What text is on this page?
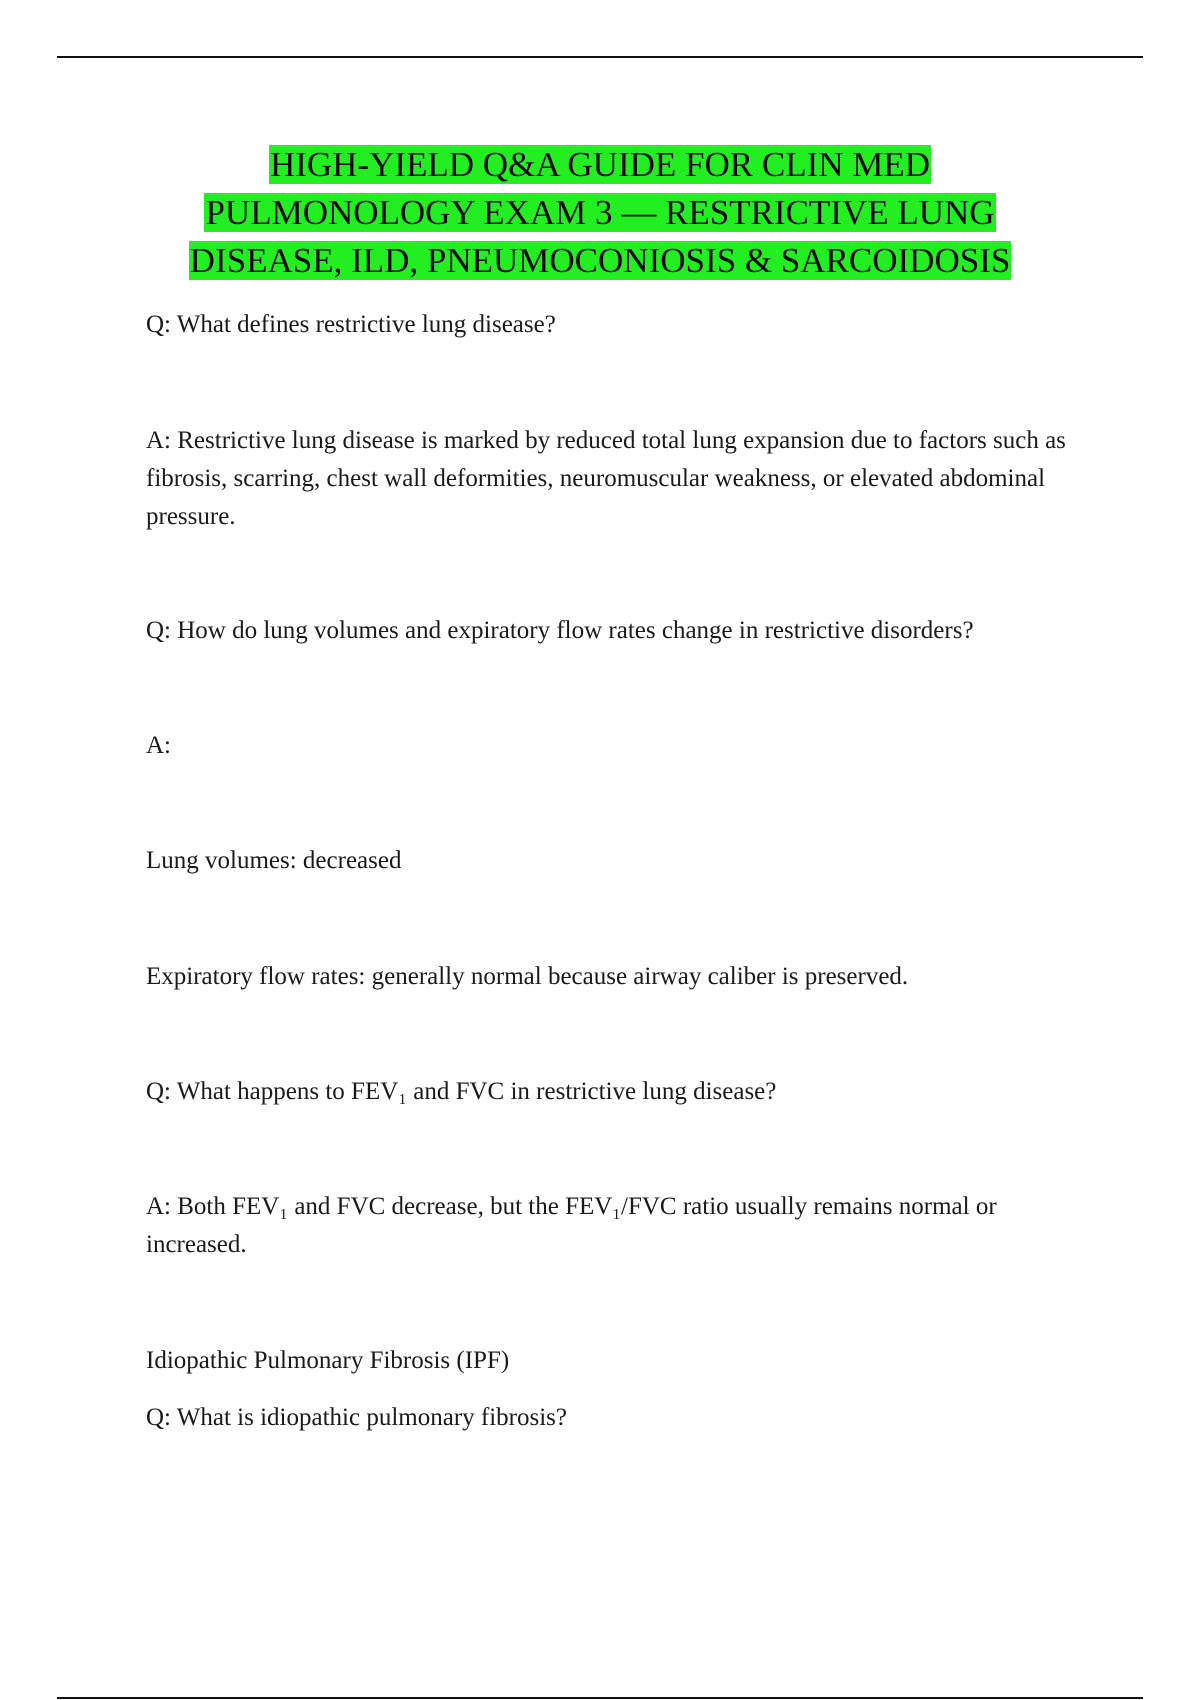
HIGH-YIELD Q&A GUIDE FOR CLIN MED
PULMONOLOGY EXAM 3 — RESTRICTIVE LUNG
DISEASE, ILD, PNEUMOCONIOSIS & SARCOIDOSIS

Q: What defines restrictive lung disease?

A: Restrictive lung disease is marked by reduced total lung expansion due to factors such as fibrosis, scarring, chest wall deformities, neuromuscular weakness, or elevated abdominal pressure.

Q: How do lung volumes and expiratory flow rates change in restrictive disorders?

A:

Lung volumes: decreased

Expiratory flow rates: generally normal because airway caliber is preserved.

Q: What happens to FEV₁ and FVC in restrictive lung disease?

A: Both FEV₁ and FVC decrease, but the FEV₁/FVC ratio usually remains normal or increased.

Idiopathic Pulmonary Fibrosis (IPF)

Q: What is idiopathic pulmonary fibrosis?
